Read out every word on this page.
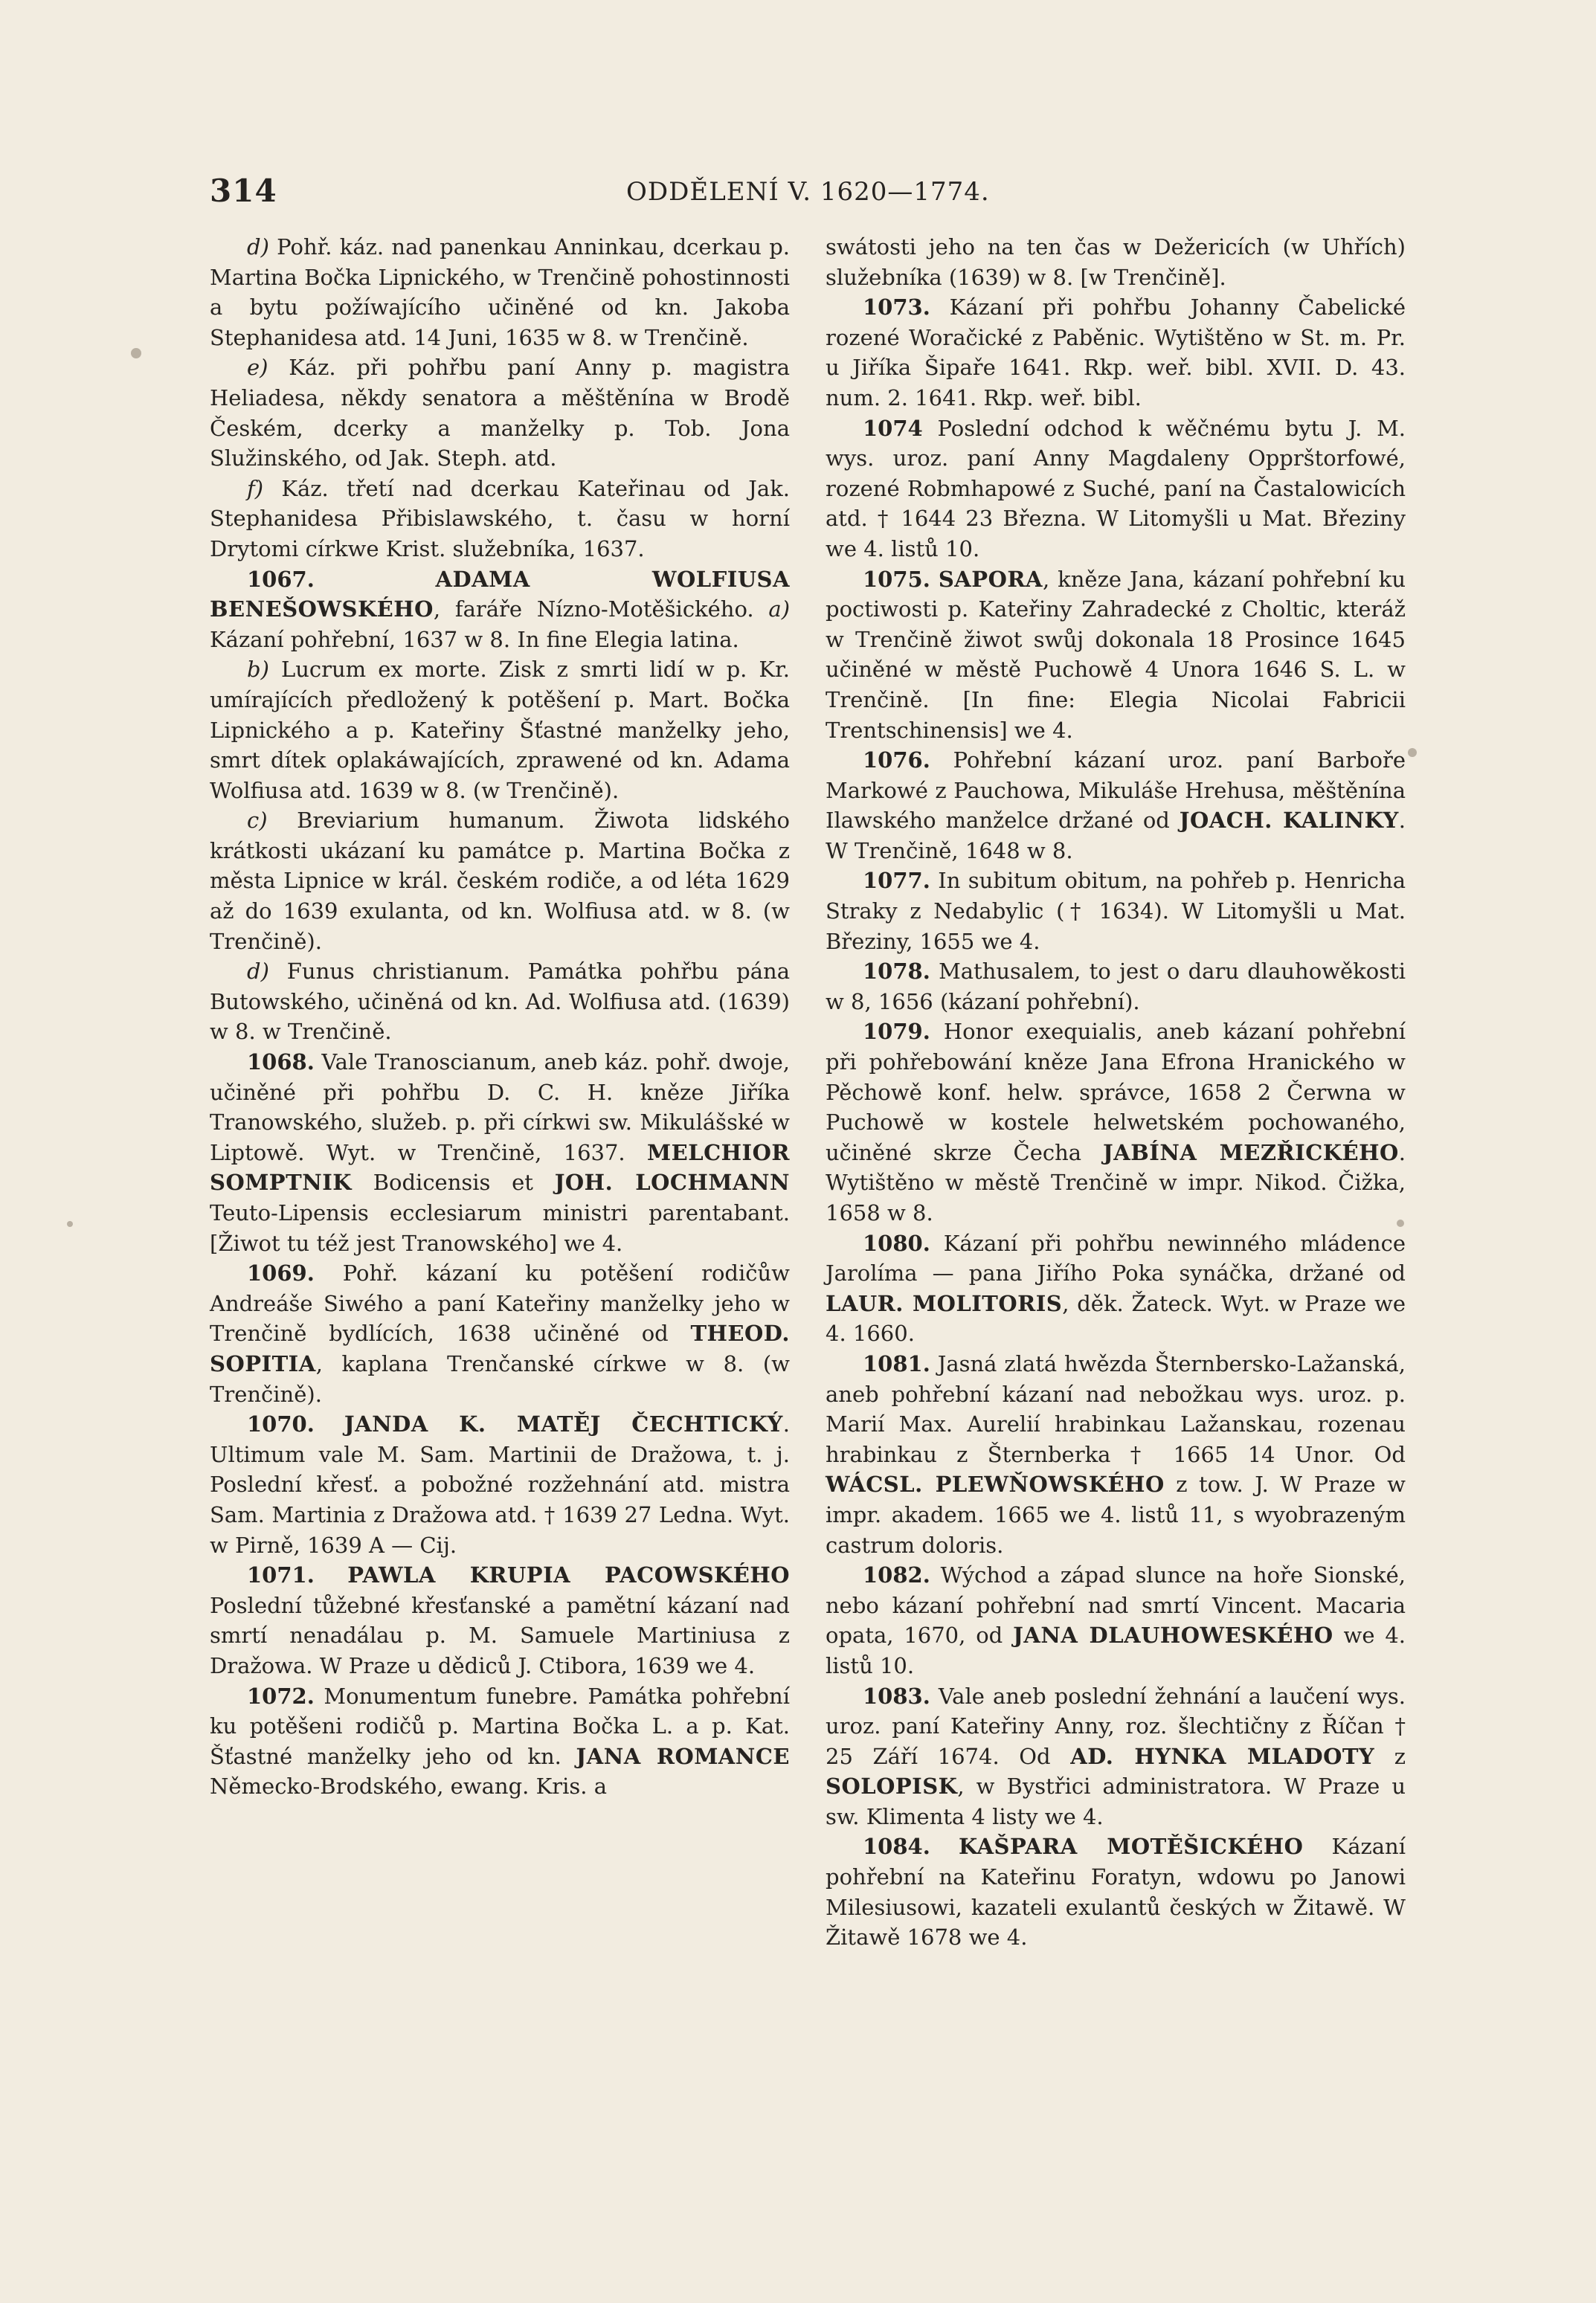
314	ODDĚLENÍ V. 1620—1774.

d) Pohř. káz. nad panenkau Anninkau, dcerkau p. Martina Bočka Lipnického, w Trenčině pohostinnosti a bytu požíwajícího učiněné od kn. Jakoba Stephanidesa atd. 14 Juni, 1635 w 8. w Trenčině.

e) Káz. při pohřbu paní Anny p. magistra Heliadesa, někdy senatora a měštěnína w Brodě Českém, dcerky a manželky p. Tob. Jona Služinského, od Jak. Steph. atd.

f) Káz. třetí nad dcerkau Kateřinau od Jak. Stephanidesa Přibislawského, t. času w horní Drytomi církwe Krist. služebníka, 1637.

1067.	ADAMA WOLFIUSA BENEŠOWSKÉHO, faráře Nízno-Motěšického. a) Kázaní pohřební, 1637 w 8. In fine Elegia latina.

b) Lucrum ex morte. Zisk z smrti lidí w p. Kr. umírajících předložený k potěšení p. Mart. Bočka Lipnického a p. Kateřiny Šťastné manželky jeho, smrt dítek oplakáwajících, zprawené od kn. Adama Wolfiusa atd. 1639 w 8. (w Trenčině).

c) Breviarium humanum. Žiwota lidského krátkosti ukázaní ku památce p. Martina Bočka z města Lipnice w král. českém rodiče, a od léta 1629 až do 1639 exulanta, od kn. Wolfiusa atd. w 8. (w Trenčině).

d) Funus christianum. Památka pohřbu pána Butowského, učiněná od kn. Ad. Wolfiusa atd. (1639) w 8. w Trenčině.

1068. Vale Tranoscianum, aneb káz. pohř. dwoje, učiněné při pohřbu D. C. H. kněze Jiříka Tranowského, služeb. p. při církwi sw. Mikulášské w Liptowě. Wyt. w Trenčině, 1637. MELCHIOR SOMPTNIK Bodicensis et JOH. LOCHMANN Teuto-Lipensis ecclesiarum ministri parentabant. [Žiwot tu též jest Tranowského] we 4.

1069. Pohř. kázaní ku potěšení rodičůw Andreáše Siwého a paní Kateřiny manželky jeho w Trenčině bydlících, 1638 učiněné od THEOD. SOPITIA, kaplana Trenčanské církwe w 8. (w Trenčině).

1070. JANDA K. MATĚJ ČECHTICKÝ. Ultimum vale M. Sam. Martinii de Dražowa, t. j. Poslední křesť. a pobožné rozžehnání atd. mistra Sam. Martinia z Dražowa atd. † 1639 27 Ledna. Wyt. w Pirně, 1639 A — Cij.

1071. PAWLA KRUPIA PACOWSKÉHO Poslední tůžebné křesťanské a pamětní kázaní nad smrtí nenadálau p. M. Samuele Martiniusa z Dražowa. W Praze u dědiců J. Ctibora, 1639 we 4.

1072. Monumentum funebre. Památka pohřební ku potěšeni rodičů p. Martina Bočka L. a p. Kat. Šťastné manželky jeho od kn. JANA ROMANCE Německo-Brodského, ewang. Kris. a

swátosti jeho na ten čas w Dežericích (w Uhřích) služebníka (1639) w 8. [w Trenčině].

1073. Kázaní při pohřbu Johanny Čabelické rozené Woračické z Paběnic. Wytištěno w St. m. Pr. u Jiříka Šipaře 1641. Rkp. weř. bibl. XVII. D. 43. num. 2. 1641. Rkp. weř. bibl.

1074 Poslední odchod k wěčnému bytu J. M. wys. uroz. paní Anny Magdaleny Opprštorfowé, rozené Robmhapowé z Suché, paní na Častalowicích atd. † 1644 23 Března. W Litomyšli u Mat. Březiny we 4. listů 10.

1075. SAPORA, kněze Jana, kázaní pohřební ku poctiwosti p. Kateřiny Zahradecké z Choltic, kteráž w Trenčině žiwot swůj dokonala 18 Prosince 1645 učiněné w městě Puchowě 4 Unora 1646 S. L. w Trenčině. [In fine: Elegia Nicolai Fabricii Trentschinensis] we 4.

1076. Pohřební kázaní uroz. paní Barboře Markowé z Pauchowa, Mikuláše Hrehusa, měštěnína Ilawského manželce držané od JOACH. KALINKY. W Trenčině, 1648 w 8.

1077. In subitum obitum, na pohřeb p. Henricha Straky z Nedabylic († 1634). W Litomyšli u Mat. Březiny, 1655 we 4.

1078. Mathusalem, to jest o daru dlauhowěkosti w 8, 1656 (kázaní pohřební).

1079. Honor exequialis, aneb kázaní pohřební při pohřebowání kněze Jana Efrona Hranického w Pěchowě konf. helw. správce, 1658 2 Čerwna w Puchowě w kostele helwetském pochowaného, učiněné skrze Čecha JABÍNA MEZŘICKÉHO. Wytištěno w městě Trenčině w impr. Nikod. Čižka, 1658 w 8.

1080. Kázaní při pohřbu newinného mládence Jarolíma — pana Jiřího Poka synáčka, držané od LAUR. MOLITORIS, děk. Žateck. Wyt. w Praze we 4. 1660.

1081. Jasná zlatá hwězda Šternbersko-Lažanská, aneb pohřební kázaní nad nebožkau wys. uroz. p. Marií Max. Aurelií hrabinkau Lažanskau, rozenau hrabinkau z Šternberka † 1665 14 Unor. Od WÁCSL. PLEWŇOWSKÉHO z tow. J. W Praze w impr. akadem. 1665 we 4. listů 11, s wyobrazeným castrum doloris.

1082. Wýchod a západ slunce na hoře Sionské, nebo kázaní pohřební nad smrtí Vincent. Macaria opata, 1670, od JANA DLAUHOWESKÉHO we 4. listů 10.

1083. Vale aneb poslední žehnání a laučení wys. uroz. paní Kateřiny Anny, roz. šlechtičny z Říčan † 25 Září 1674. Od AD. HYNKA MLADOTY z SOLOPISK, w Bystřici administratora. W Praze u sw. Klimenta 4 listy we 4.

1084. KAŠPARA MOTĚŠICKÉHO Kázaní pohřební na Kateřinu Foratyn, wdowu po Janowi Milesiusowi, kazateli exulantů českých w Žitawě. W Žitawě 1678 we 4.
